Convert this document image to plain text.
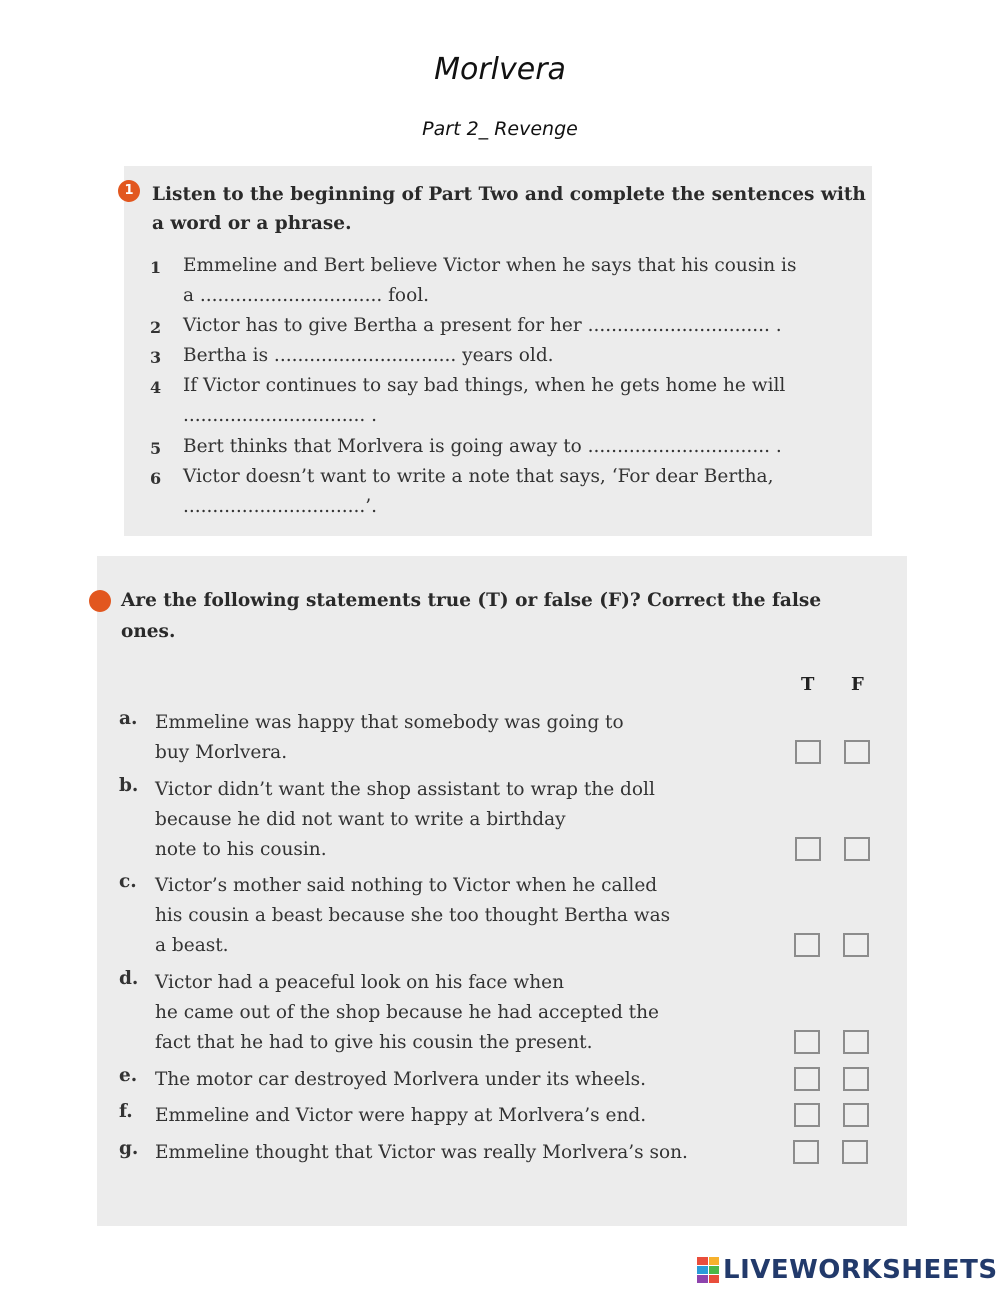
Morlvera
Part 2_ Revenge
1 Listen to the beginning of Part Two and complete the sentences with
a word or a phrase.
1 Emmeline and Bert believe Victor when he says that his cousin is
a ............................... fool.
2 Victor has to give Bertha a present for her ............................... .
3 Bertha is ............................... years old.
4 If Victor continues to say bad things, when he gets home he will
............................... .
5 Bert thinks that Morlvera is going away to ............................... .
6 Victor doesn’t want to write a note that says, ‘For dear Bertha,
...............................’.
Are the following statements true (T) or false (F)? Correct the false
ones.
T F
a. Emmeline was happy that somebody was going to
buy Morlvera.
b. Victor didn’t want the shop assistant to wrap the doll
because he did not want to write a birthday
note to his cousin.
c. Victor’s mother said nothing to Victor when he called
his cousin a beast because she too thought Bertha was
a beast.
d. Victor had a peaceful look on his face when
he came out of the shop because he had accepted the
fact that he had to give his cousin the present.
e. The motor car destroyed Morlvera under its wheels.
f. Emmeline and Victor were happy at Morlvera’s end.
g. Emmeline thought that Victor was really Morlvera’s son.
LIVEWORKSHEETS
